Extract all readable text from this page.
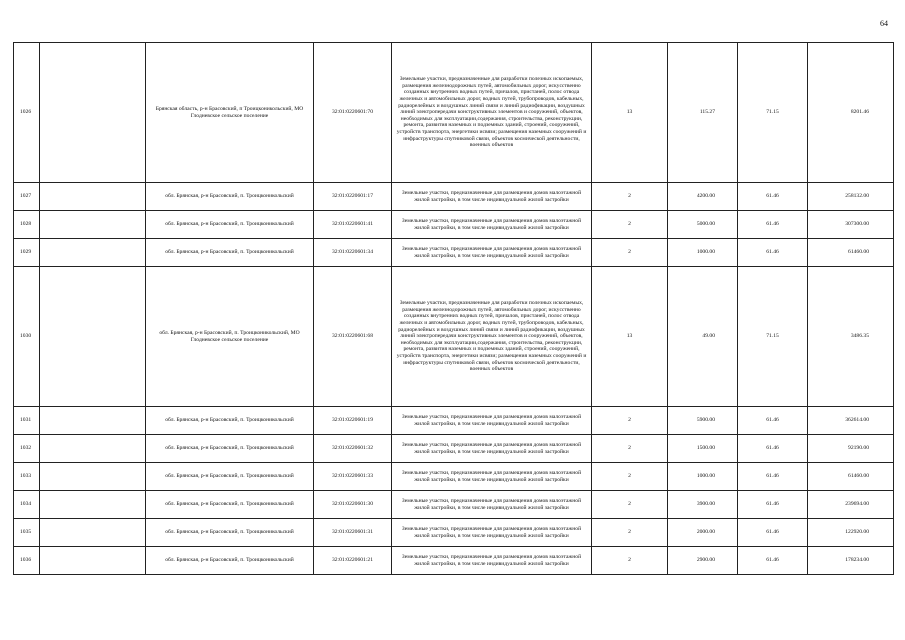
64
1026		Брянская область, р-н Брасовский, п Троицконикольский, МО Глодневское сельское поселение	32:01:0220601:70	Земельные участки, предназначенные для разработки полезных ископаемых, размещения железнодорожных путей, автомобильных дорог, искусственно созданных внутренних водных путей, причалов, пристаней, полос отвода железных и автомобильных дорог, водных путей, трубопроводов, кабельных, радиорелейных и воздушных линий связи и линий радиофикации, воздушных линий электропередачи конструктивных элементов и сооружений, объектов, необходимых для эксплуатации,содержания, строительства, реконструкции, ремонта, развития наземных и подземных зданий, строений, сооружений, устройств транспорта, энергетики исвязи; размещения наземных сооружений и инфраструктуры спутниковой связи, объектов космической деятельности, военных объектов	13	115.27	71.15	8201.46
1027		обл. Брянская, р-н Брасовский, п. Троицконикольский	32:01:0220601:17	Земельные участки, предназначенные для размещения домов малоэтажной жилой застройки, в том числе индивидуальной жилой застройки	2	4200.00	61.46	258132.00
1028		обл. Брянская, р-н Брасовский, п. Троицконикольский	32:01:0220601:41	Земельные участки, предназначенные для размещения домов малоэтажной жилой застройки, в том числе индивидуальной жилой застройки	2	5000.00	61.46	307300.00
1029		обл. Брянская, р-н Брасовский, п. Троицконикольский	32:01:0220601:34	Земельные участки, предназначенные для размещения домов малоэтажной жилой застройки, в том числе индивидуальной жилой застройки	2	1000.00	61.46	61460.00
1030		обл. Брянская, р-н Брасовский, п. Троицконикольский, МО Глодневское сельское поселение	32:01:0220601:68	Земельные участки, предназначенные для разработки полезных ископаемых, размещения железнодорожных путей, автомобильных дорог, искусственно созданных внутренних водных путей, причалов, пристаней, полос отвода железных и автомобильных дорог, водных путей, трубопроводов, кабельных, радиорелейных и воздушных линий связи и линий радиофикации, воздушных линий электропередачи конструктивных элементов и сооружений, объектов, необходимых для эксплуатации,содержания, строительства, реконструкции, ремонта, развития наземных и подземных зданий, строений, сооружений, устройств транспорта, энергетики исвязи; размещения наземных сооружений и инфраструктуры спутниковой связи, объектов космической деятельности, военных объектов	13	49.00	71.15	3486.35
1031		обл. Брянская, р-н Брасовский, п. Троицконикольский	32:01:0220601:19	Земельные участки, предназначенные для размещения домов малоэтажной жилой застройки, в том числе индивидуальной жилой застройки	2	5900.00	61.46	362614.00
1032		обл. Брянская, р-н Брасовский, п. Троицконикольский	32:01:0220601:32	Земельные участки, предназначенные для размещения домов малоэтажной жилой застройки, в том числе индивидуальной жилой застройки	2	1500.00	61.46	92190.00
1033		обл. Брянская, р-н Брасовский, п. Троицконикольский	32:01:0220601:33	Земельные участки, предназначенные для размещения домов малоэтажной жилой застройки, в том числе индивидуальной жилой застройки	2	1000.00	61.46	61460.00
1034		обл. Брянская, р-н Брасовский, п. Троицконикольский	32:01:0220601:30	Земельные участки, предназначенные для размещения домов малоэтажной жилой застройки, в том числе индивидуальной жилой застройки	2	3900.00	61.46	239694.00
1035		обл. Брянская, р-н Брасовский, п. Троицконикольский	32:01:0220601:31	Земельные участки, предназначенные для размещения домов малоэтажной жилой застройки, в том числе индивидуальной жилой застройки	2	2000.00	61.46	122920.00
1036		обл. Брянская, р-н Брасовский, п. Троицконикольский	32:01:0220601:21	Земельные участки, предназначенные для размещения домов малоэтажной жилой застройки, в том числе индивидуальной жилой застройки	2	2900.00	61.46	178234.00
